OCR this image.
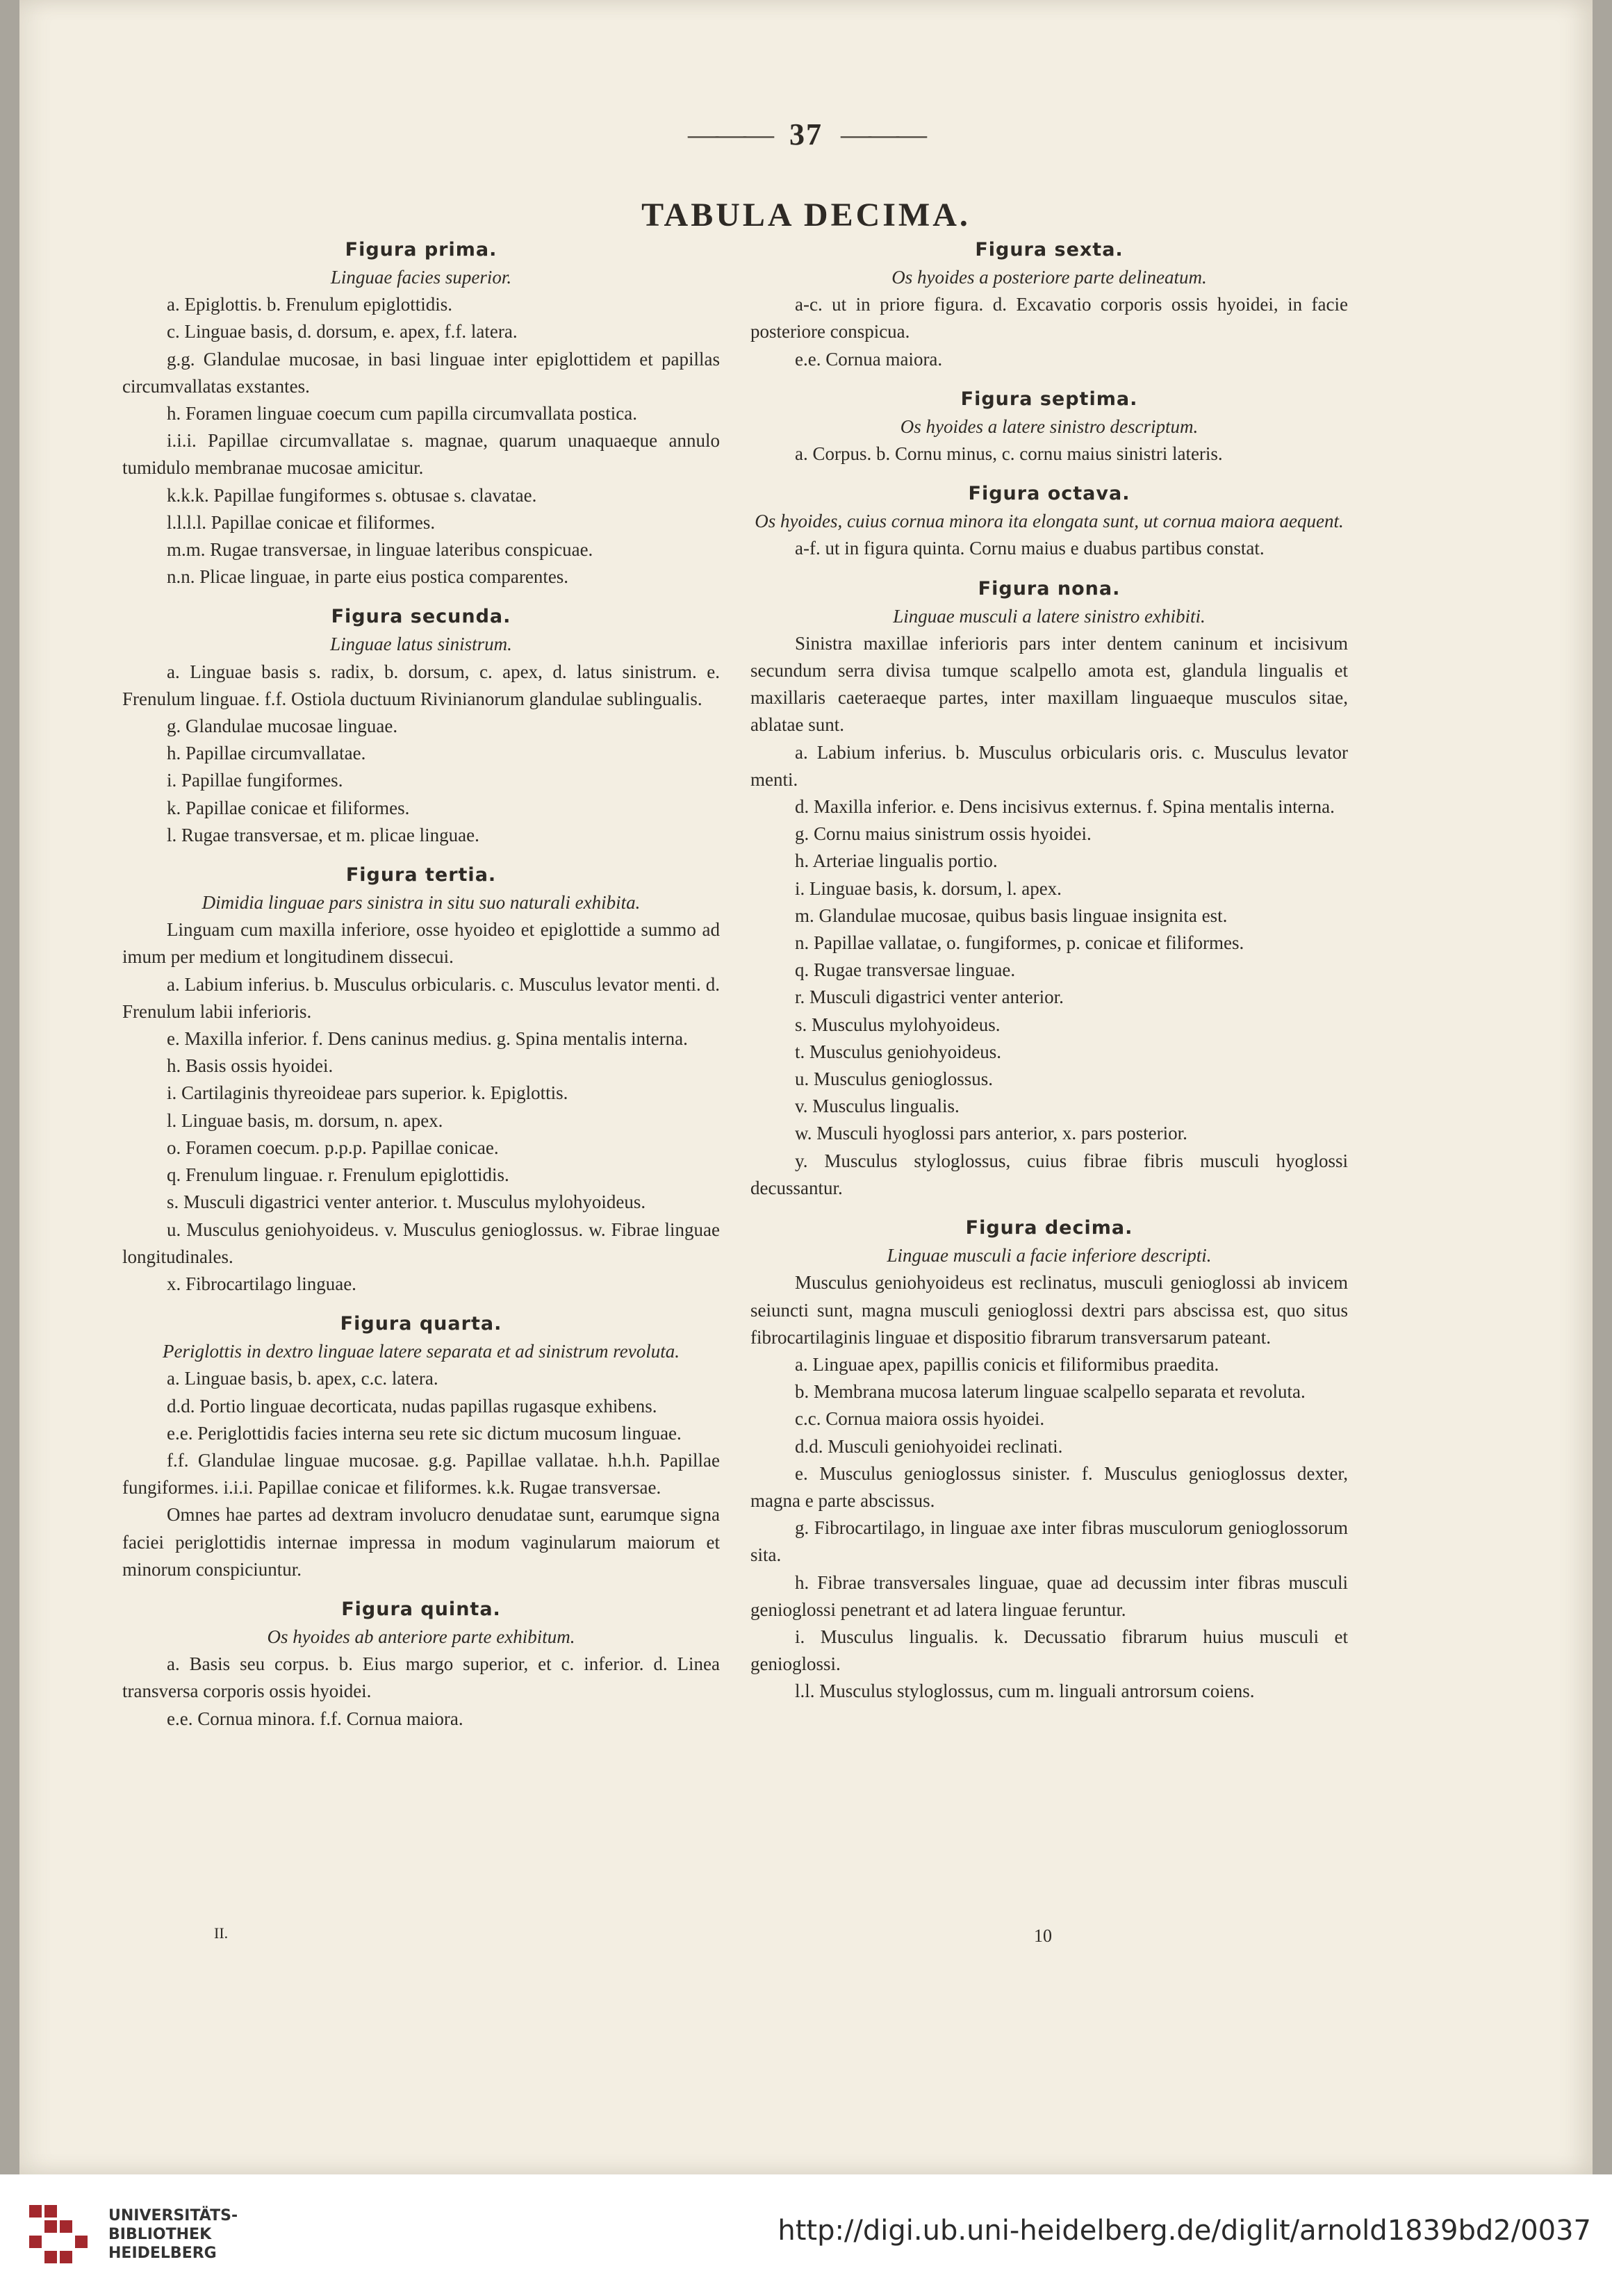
——— 37 ———
TABULA DECIMA.

Figura prima.

Linguae facies superior.

a. Epiglottis. b. Frenulum epiglottidis.

c. Linguae basis, d. dorsum, e. apex, f.f. latera.

g.g. Glandulae mucosae, in basi linguae inter epiglottidem et papillas circumvallatas exstantes.

h. Foramen linguae coecum cum papilla circumvallata postica.

i.i.i. Papillae circumvallatae s. magnae, quarum unaquaeque annulo tumidulo membranae mucosae amicitur.

k.k.k. Papillae fungiformes s. obtusae s. clavatae.

l.l.l.l. Papillae conicae et filiformes.

m.m. Rugae transversae, in linguae lateribus conspicuae.

n.n. Plicae linguae, in parte eius postica comparentes.

Figura secunda.

Linguae latus sinistrum.

a. Linguae basis s. radix, b. dorsum, c. apex, d. latus sinistrum. e. Frenulum linguae. f.f. Ostiola ductuum Rivinianorum glandulae sublingualis.

g. Glandulae mucosae linguae.

h. Papillae circumvallatae.

i. Papillae fungiformes.

k. Papillae conicae et filiformes.

l. Rugae transversae, et m. plicae linguae.

Figura tertia.

Dimidia linguae pars sinistra in situ suo naturali exhibita.

Linguam cum maxilla inferiore, osse hyoideo et epiglottide a summo ad imum per medium et longitudinem dissecui.

a. Labium inferius. b. Musculus orbicularis. c. Musculus levator menti. d. Frenulum labii inferioris.

e. Maxilla inferior. f. Dens caninus medius. g. Spina mentalis interna.

h. Basis ossis hyoidei.

i. Cartilaginis thyreoideae pars superior. k. Epiglottis.

l. Linguae basis, m. dorsum, n. apex.

o. Foramen coecum. p.p.p. Papillae conicae.

q. Frenulum linguae. r. Frenulum epiglottidis.

s. Musculi digastrici venter anterior. t. Musculus mylohyoideus.

u. Musculus geniohyoideus. v. Musculus genioglossus. w. Fibrae linguae longitudinales.

x. Fibrocartilago linguae.

Figura quarta.

Periglottis in dextro linguae latere separata et ad sinistrum revoluta.

a. Linguae basis, b. apex, c.c. latera.

d.d. Portio linguae decorticata, nudas papillas rugasque exhibens.

e.e. Periglottidis facies interna seu rete sic dictum mucosum linguae.

f.f. Glandulae linguae mucosae. g.g. Papillae vallatae. h.h.h. Papillae fungiformes. i.i.i. Papillae conicae et filiformes. k.k. Rugae transversae.

Omnes hae partes ad dextram involucro denudatae sunt, earumque signa faciei periglottidis internae impressa in modum vaginularum maiorum et minorum conspiciuntur.

Figura quinta.

Os hyoides ab anteriore parte exhibitum.

a. Basis seu corpus. b. Eius margo superior, et c. inferior. d. Linea transversa corporis ossis hyoidei.

e.e. Cornua minora. f.f. Cornua maiora.

Figura sexta.

Os hyoides a posteriore parte delineatum.

a-c. ut in priore figura. d. Excavatio corporis ossis hyoidei, in facie posteriore conspicua.

e.e. Cornua maiora.

Figura septima.

Os hyoides a latere sinistro descriptum.

a. Corpus. b. Cornu minus, c. cornu maius sinistri lateris.

Figura octava.

Os hyoides, cuius cornua minora ita elongata sunt, ut cornua maiora aequent.

a-f. ut in figura quinta. Cornu maius e duabus partibus constat.

Figura nona.

Linguae musculi a latere sinistro exhibiti.

Sinistra maxillae inferioris pars inter dentem caninum et incisivum secundum serra divisa tumque scalpello amota est, glandula lingualis et maxillaris caeteraeque partes, inter maxillam linguaeque musculos sitae, ablatae sunt.

a. Labium inferius. b. Musculus orbicularis oris. c. Musculus levator menti.

d. Maxilla inferior. e. Dens incisivus externus. f. Spina mentalis interna.

g. Cornu maius sinistrum ossis hyoidei.

h. Arteriae lingualis portio.

i. Linguae basis, k. dorsum, l. apex.

m. Glandulae mucosae, quibus basis linguae insignita est.

n. Papillae vallatae, o. fungiformes, p. conicae et filiformes.

q. Rugae transversae linguae.

r. Musculi digastrici venter anterior.

s. Musculus mylohyoideus.

t. Musculus geniohyoideus.

u. Musculus genioglossus.

v. Musculus lingualis.

w. Musculi hyoglossi pars anterior, x. pars posterior.

y. Musculus styloglossus, cuius fibrae fibris musculi hyoglossi decussantur.

Figura decima.

Linguae musculi a facie inferiore descripti.

Musculus geniohyoideus est reclinatus, musculi genioglossi ab invicem seiuncti sunt, magna musculi genioglossi dextri pars abscissa est, quo situs fibrocartilaginis linguae et dispositio fibrarum transversarum pateant.

a. Linguae apex, papillis conicis et filiformibus praedita.

b. Membrana mucosa laterum linguae scalpello separata et revoluta.

c.c. Cornua maiora ossis hyoidei.

d.d. Musculi geniohyoidei reclinati.

e. Musculus genioglossus sinister. f. Musculus genioglossus dexter, magna e parte abscissus.

g. Fibrocartilago, in linguae axe inter fibras musculorum genioglossorum sita.

h. Fibrae transversales linguae, quae ad decussim inter fibras musculi genioglossi penetrant et ad latera linguae feruntur.

i. Musculus lingualis. k. Decussatio fibrarum huius musculi et genioglossi.

l.l. Musculus styloglossus, cum m. linguali antrorsum coiens.

II.	10
UNIVERSITÄTS-
BIBLIOTHEK
HEIDELBERG
http://digi.ub.uni-heidelberg.de/diglit/arnold1839bd2/0037
